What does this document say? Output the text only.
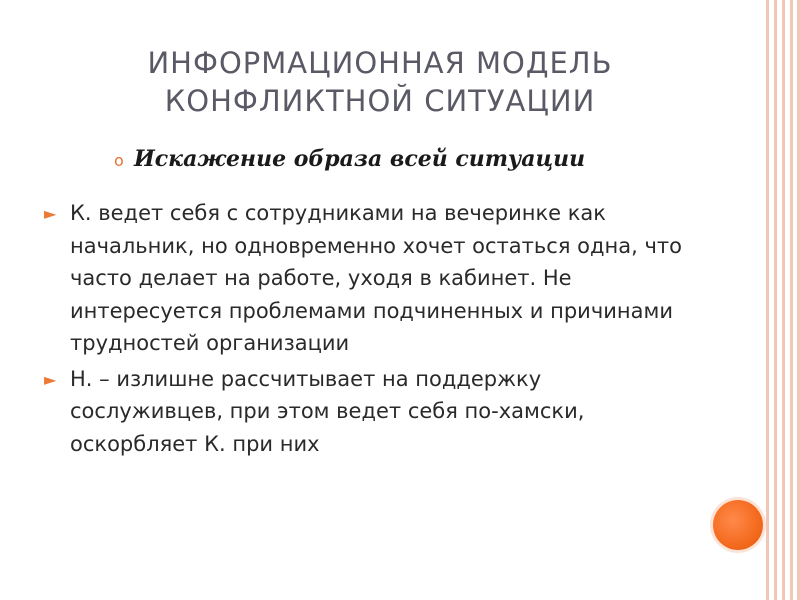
ИНФОРМАЦИОННАЯ МОДЕЛЬ
КОНФЛИКТНОЙ СИТУАЦИИ
ο Искажение образа всей ситуации
► К. ведет себя с сотрудниками на вечеринке как начальник, но одновременно хочет остаться одна, что часто делает на работе, уходя в кабинет. Не интересуется проблемами подчиненных и причинами трудностей организации
► Н. – излишне рассчитывает на поддержку сослуживцев, при этом ведет себя по-хамски, оскорбляет К. при них
